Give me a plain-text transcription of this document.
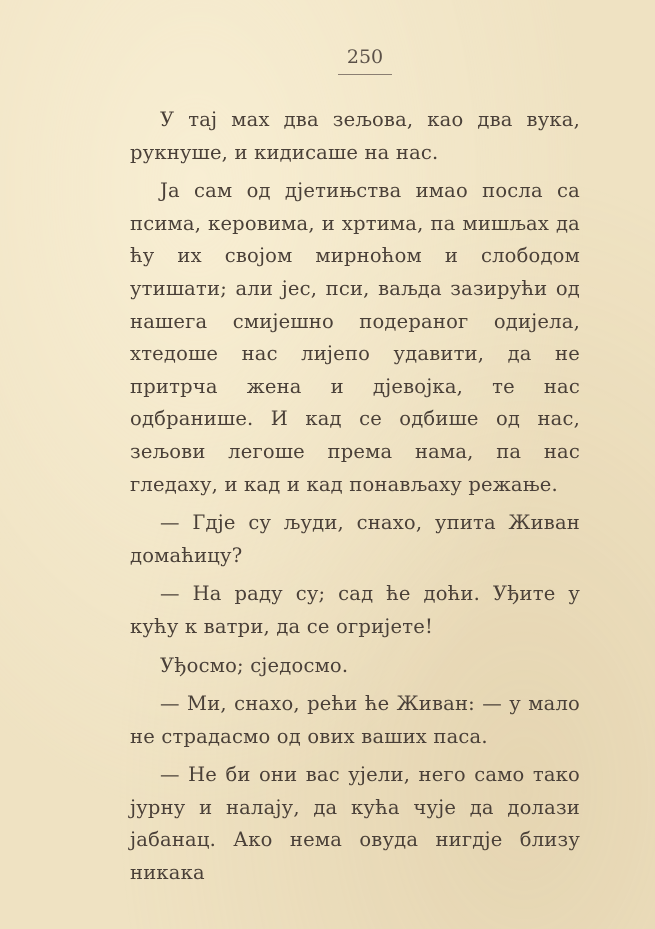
250

У тај мах два зељова, као два вука, рукнуше, и кидисаше на нас.

Ја сам од дјетињства имао посла са псима, керовима, и хртима, па мишљах да ћу их својом мирноћом и слободом утишати; али јес, пси, ваљда зазирући од нашега смијешно подераног одијела, хтедоше нас лијепо удавити, да не притрча жена и дјевојка, те нас одбранише. И кад се одбише од нас, зељови легоше према нама, па нас гледаху, и кад и кад понављаху режање.

— Гдје су људи, снахо, упита Живан домаћицу?

— На раду су; сад ће доћи. Уђите у кућу к ватри, да се огријете!

Уђосмо; сједосмо.

— Ми, снахо, рећи ће Живан: — у мало не страдасмо од ових ваших паса.

— Не би они вас ујели, него само тако јурну и налају, да кућа чује да долази јабанац. Ако нема овуда нигдје близу никака
